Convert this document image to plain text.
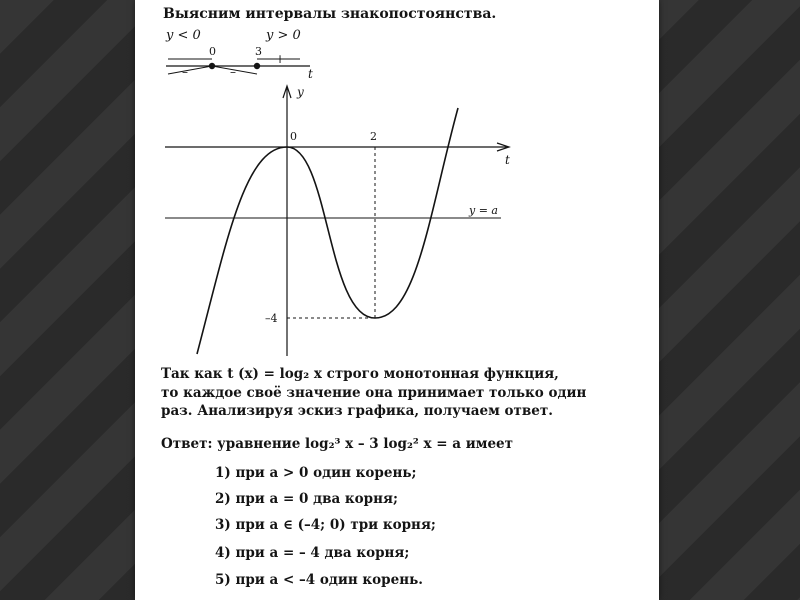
Выясним интервалы знакопостоянства.
y < 0	y > 0
0	3
t
–	–
+
y
t
0	2
y = a
–4
Так как t (x) = log₂ x строго монотонная функция,
то каждое своё значение она принимает только один
раз. Анализируя эскиз графика, получаем ответ.
Ответ: уравнение log₂³ x – 3 log₂² x = a имеет
1) при a > 0 один корень;
2) при a = 0 два корня;
3) при a ∈ (–4; 0) три корня;
4) при a = – 4 два корня;
5) при a < –4 один корень.
